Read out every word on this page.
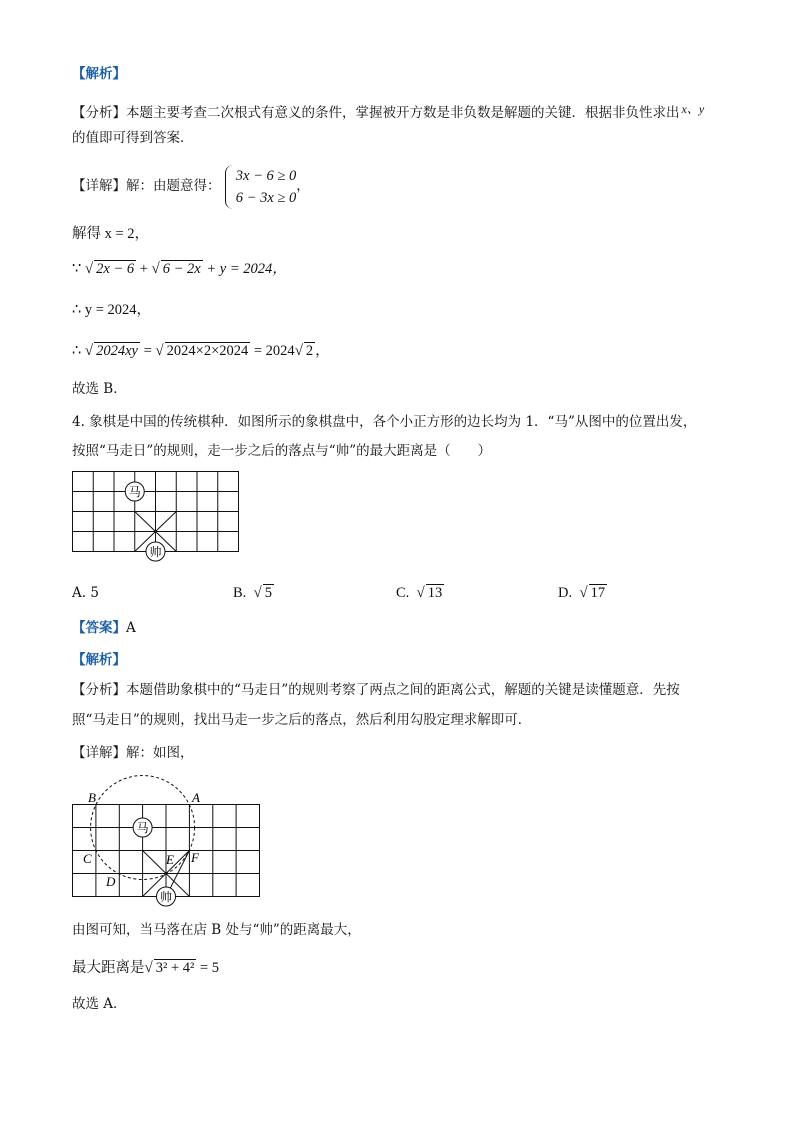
【解析】
【分析】本题主要考查二次根式有意义的条件，掌握被开方数是非负数是解题的关键．根据非负性求出 x、y
的值即可得到答案．
【详解】解：由题意得： 3x − 6 ≥ 0
6 − 3x ≥ 0，
解得 x = 2，
∵ √ 2x − 6 + √ 6 − 2x + y = 2024，
∴ y = 2024，
∴ √ 2024xy = √ 2024×2×2024 = 2024√ 2 ，
故选 B．
4. 象棋是中国的传统棋种．如图所示的象棋盘中，各个小正方形的边长均为 1．“马”从图中的位置出发，
按照“马走日”的规则，走一步之后的落点与“帅”的最大距离是（　　）
马
帅
A. 5	B. √ 5	C. √ 13	D. √ 17
【答案】A
【解析】
【分析】本题借助象棋中的“马走日”的规则考察了两点之间的距离公式，解题的关键是读懂题意．先按
照“马走日”的规则，找出马走一步之后的落点，然后利用勾股定理求解即可．
【详解】解：如图，
马
帅
B	A
C
D
E F
由图可知，当马落在店 B 处与“帅”的距离最大，
最大距离是√ 3² + 4² = 5
故选 A．
